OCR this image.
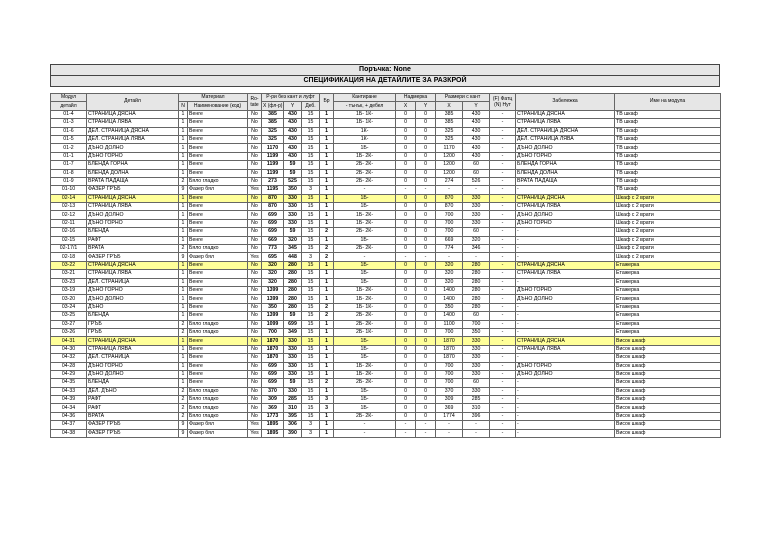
Поръчка: None
СПЕЦИФИКАЦИЯ НА ДЕТАЙЛИТЕ ЗА РАЗКРОЙ
Модул	Детайл	Материал		Ro-tate	Р-ри без кант и луфт			Бр	Кантиране	Надмерка		Размери с кант		(F) Фатц (N) Нут	Забележка	Име на модула
детайл		N	Наименование (код)		X (фл-р)	Y	Деб.		- тънък, + дебел	X	Y	X	Y			
01-4	СТРАНИЦА ДЯСНА	1	Венге	No	385	430	15	1	1Б- 1К-	0	0	385	430	-	СТРАНИЦА ДЯСНА	ТВ шкаф
01-3	СТРАНИЦА ЛЯВА	1	Венге	No	385	430	15	1	1Б- 1К-	0	0	385	430	-	СТРАНИЦА ЛЯВА	ТВ шкаф
01-6	ДЕЛ. СТРАНИЦА ДЯСНА	1	Венге	No	325	430	15	1	1К-	0	0	325	430	-	ДЕЛ. СТРАНИЦА ДЯСНА	ТВ шкаф
01-5	ДЕЛ. СТРАНИЦА ЛЯВА	1	Венге	No	325	430	15	1	1К-	0	0	325	430	-	ДЕЛ. СТРАНИЦА ЛЯВА	ТВ шкаф
01-2	ДЪНО ДОЛНО	1	Венге	No	1170	430	15	1	1Б-	0	0	1170	430	-	ДЪНО ДОЛНО	ТВ шкаф
01-1	ДЪНО ГОРНО	1	Венге	No	1199	430	15	1	1Б- 2К-	0	0	1200	430	-	ДЪНО ГОРНО	ТВ шкаф
01-7	БЛЕНДА ГОРНА	1	Венге	No	1199	59	15	1	2Б- 2К-	0	0	1200	60	-	БЛЕНДА ГОРНА	ТВ шкаф
01-8	БЛЕНДА ДОЛНА	1	Венге	No	1199	59	15	1	2Б- 2К-	0	0	1200	60	-	БЛЕНДА ДОЛНА	ТВ шкаф
01-9	ВРАТА ПАДАЩА	2	Бяло гладко	No	273	525	15	1	2Б- 2К-	0	0	274	526	-	ВРАТА ПАДАЩА	ТВ шкаф
01-10	ФАЗЕР ГРЪБ	9	Фазер бял	Yes	1195	350	3	1	-	-	-	-	-	-	-	ТВ шкаф
02-14	СТРАНИЦА ДЯСНА	1	Венге	No	870	330	15	1	1Б-	0	0	870	330	-	СТРАНИЦА ДЯСНА	Шкаф с 2 врати
02-13	СТРАНИЦА ЛЯВА	1	Венге	No	870	330	15	1	1Б-	0	0	870	330	-	СТРАНИЦА ЛЯВА	Шкаф с 2 врати
02-12	ДЪНО ДОЛНО	1	Венге	No	699	330	15	1	1Б- 2К-	0	0	700	330	-	ДЪНО ДОЛНО	Шкаф с 2 врати
02-11	ДЪНО ГОРНО	1	Венге	No	699	330	15	1	1Б- 2К-	0	0	700	330	-	ДЪНО ГОРНО	Шкаф с 2 врати
02-16	БЛЕНДА	1	Венге	No	699	59	15	2	2Б- 2К-	0	0	700	60	-	-	Шкаф с 2 врати
02-15	РАФТ	1	Венге	No	669	320	15	1	1Б-	0	0	669	320	-	-	Шкаф с 2 врати
02-17/1	ВРАТА	2	Бяло гладко	No	773	345	15	2	2Б- 2К-	0	0	774	346	-	-	Шкаф с 2 врати
02-18	ФАЗЕР ГРЪБ	9	Фазер бял	Yes	695	448	3	2	-	-	-	-	-	-	-	Шкаф с 2 врати
03-22	СТРАНИЦА ДЯСНА	1	Венге	No	320	280	15	1	1Б-	0	0	320	280	-	СТРАНИЦА ДЯСНА	Етажерка
03-21	СТРАНИЦА ЛЯВА	1	Венге	No	320	280	15	1	1Б-	0	0	320	280	-	СТРАНИЦА ЛЯВА	Етажерка
03-23	ДЕЛ. СТРАНИЦА	1	Венге	No	320	280	15	1	1Б-	0	0	320	280	-	-	Етажерка
03-19	ДЪНО ГОРНО	1	Венге	No	1399	280	15	1	1Б- 2К-	0	0	1400	280	-	ДЪНО ГОРНО	Етажерка
03-20	ДЪНО ДОЛНО	1	Венге	No	1399	280	15	1	1Б- 2К-	0	0	1400	280	-	ДЪНО ДОЛНО	Етажерка
03-24	ДЪНО	1	Венге	No	350	280	15	2	1Б- 1К-	0	0	350	280	-	-	Етажерка
03-25	БЛЕНДА	1	Венге	No	1399	59	15	2	2Б- 2К-	0	0	1400	60	-	-	Етажерка
03-27	ГРЪБ	2	Бяло гладко	No	1099	699	15	1	2Б- 2К-	0	0	1100	700	-	-	Етажерка
03-26	ГРЪБ	2	Бяло гладко	No	700	349	15	1	2Б- 1К-	0	0	700	350	-	-	Етажерка
04-31	СТРАНИЦА ДЯСНА	1	Венге	No	1870	330	15	1	1Б-	0	0	1870	330	-	СТРАНИЦА ДЯСНА	Висок шкаф
04-30	СТРАНИЦА ЛЯВА	1	Венге	No	1870	330	15	1	1Б-	0	0	1870	330	-	СТРАНИЦА ЛЯВА	Висок шкаф
04-32	ДЕЛ. СТРАНИЦА	1	Венге	No	1870	330	15	1	1Б-	0	0	1870	330	-	-	Висок шкаф
04-28	ДЪНО ГОРНО	1	Венге	No	699	330	15	1	1Б- 2К-	0	0	700	330	-	ДЪНО ГОРНО	Висок шкаф
04-29	ДЪНО ДОЛНО	1	Венге	No	699	330	15	1	1Б- 2К-	0	0	700	330	-	ДЪНО ДОЛНО	Висок шкаф
04-35	БЛЕНДА	1	Венге	No	699	59	15	2	2Б- 2К-	0	0	700	60	-	-	Висок шкаф
04-33	ДЕЛ. ДЪНО	2	Бяло гладко	No	370	330	15	1	1Б-	0	0	370	330	-	-	Висок шкаф
04-39	РАФТ	2	Бяло гладко	No	309	285	15	3	1Б-	0	0	309	285	-	-	Висок шкаф
04-34	РАФТ	2	Бяло гладко	No	369	310	15	3	1Б-	0	0	369	310	-	-	Висок шкаф
04-36	ВРАТА	2	Бяло гладко	No	1773	395	15	1	2Б- 2К-	0	0	1774	396	-	-	Висок шкаф
04-37	ФАЗЕР ГРЪБ	9	Фазер бял	Yes	1895	306	3	1	-	-	-	-	-	-	-	Висок шкаф
04-38	ФАЗЕР ГРЪБ	9	Фазер бял	Yes	1895	390	3	1	-	-	-	-	-	-	-	Висок шкаф
